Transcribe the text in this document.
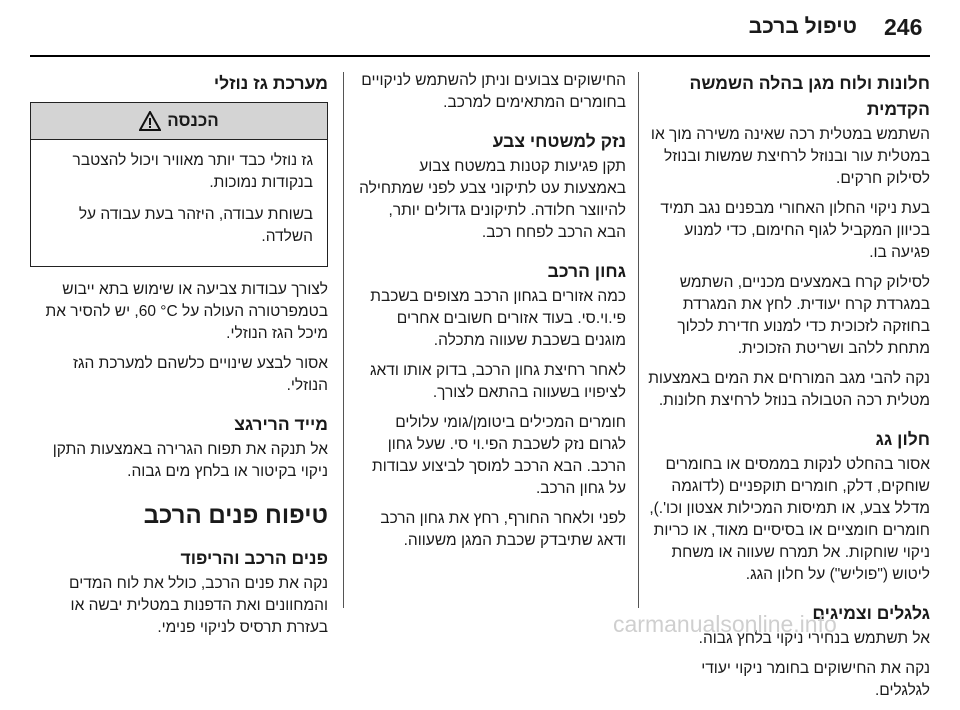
246
טיפול ברכב
חלונות ולוח מגן בהלה השמשה הקדמית

השתמש במטלית רכה שאינה משירה מוך או במטלית עור ובנוזל לרחיצת שמשות ובנוזל לסילוק חרקים.

בעת ניקוי החלון האחורי מבפנים נגב תמיד בכיוון המקביל לגוף החימום, כדי למנוע פגיעה בו.

לסילוק קרח באמצעים מכניים, השתמש במגרדת קרח יעודית. לחץ את המגרדת בחוזקה לזכוכית כדי למנוע חדירת לכלוך מתחת ללהב ושריטת הזכוכית.

נקה להבי מגב המורחים את המים באמצעות מטלית רכה הטבולה בנוזל לרחיצת חלונות.

חלון גג

אסור בהחלט לנקות בממסים או בחומרים שוחקים, דלק, חומרים תוקפניים (לדוגמה מדלל צבע, או תמיסות המכילות אצטון וכו'.), חומרים חומציים או בסיסיים מאוד, או כריות ניקוי שוחקות. אל תמרח שעווה או משחת ליטוש ("פוליש") על חלון הגג.

גלגלים וצמיגים

אל תשתמש בנחירי ניקוי בלחץ גבוה.

נקה את החישוקים בחומר ניקוי יעודי לגלגלים.

החישוקים צבועים וניתן להשתמש לניקויים בחומרים המתאימים למרכב.

נזק למשטחי צבע

תקן פגיעות קטנות במשטח צבוע באמצעות עט לתיקוני צבע לפני שמתחילה להיווצר חלודה. לתיקונים גדולים יותר, הבא הרכב לפחח רכב.

גחון הרכב

כמה אזורים בגחון הרכב מצופים בשכבת פי.וי.סי. בעוד אזורים חשובים אחרים מוגנים בשכבת שעווה מתכלה.

לאחר רחיצת גחון הרכב, בדוק אותו ודאג לציפויו בשעווה בהתאם לצורך.

חומרים המכילים ביטומן/גומי עלולים לגרום נזק לשכבת הפי.וי סי. שעל גחון הרכב. הבא הרכב למוסך לביצוע עבודות על גחון הרכב.

לפני ולאחר החורף, רחץ את גחון הרכב ודאג שתיבדק שכבת המגן משעווה.

מערכת גז נוזלי
הכנסה

גז נוזלי כבד יותר מאוויר ויכול להצטבר בנקודות נמוכות.

בשוחת עבודה, היזהר בעת עבודה על השלדה.

לצורך עבודות צביעה או שימוש בתא ייבוש בטמפרטורה העולה על ‎60 °C‏, יש להסיר את מיכל הגז הנוזלי.

אסור לבצע שינויים כלשהם למערכת הגז הנוזלי.

מייד הרירגצ

אל תנקה את תפוח הגרירה באמצעות התקן ניקוי בקיטור או בלחץ מים גבוה.

טיפוח פנים הרכב
פנים הרכב והריפוד

נקה את פנים הרכב, כולל את לוח המדים והמחוונים ואת הדפנות במטלית יבשה או בעזרת תרסיס לניקוי פנימי.	carmanualsonline.info
